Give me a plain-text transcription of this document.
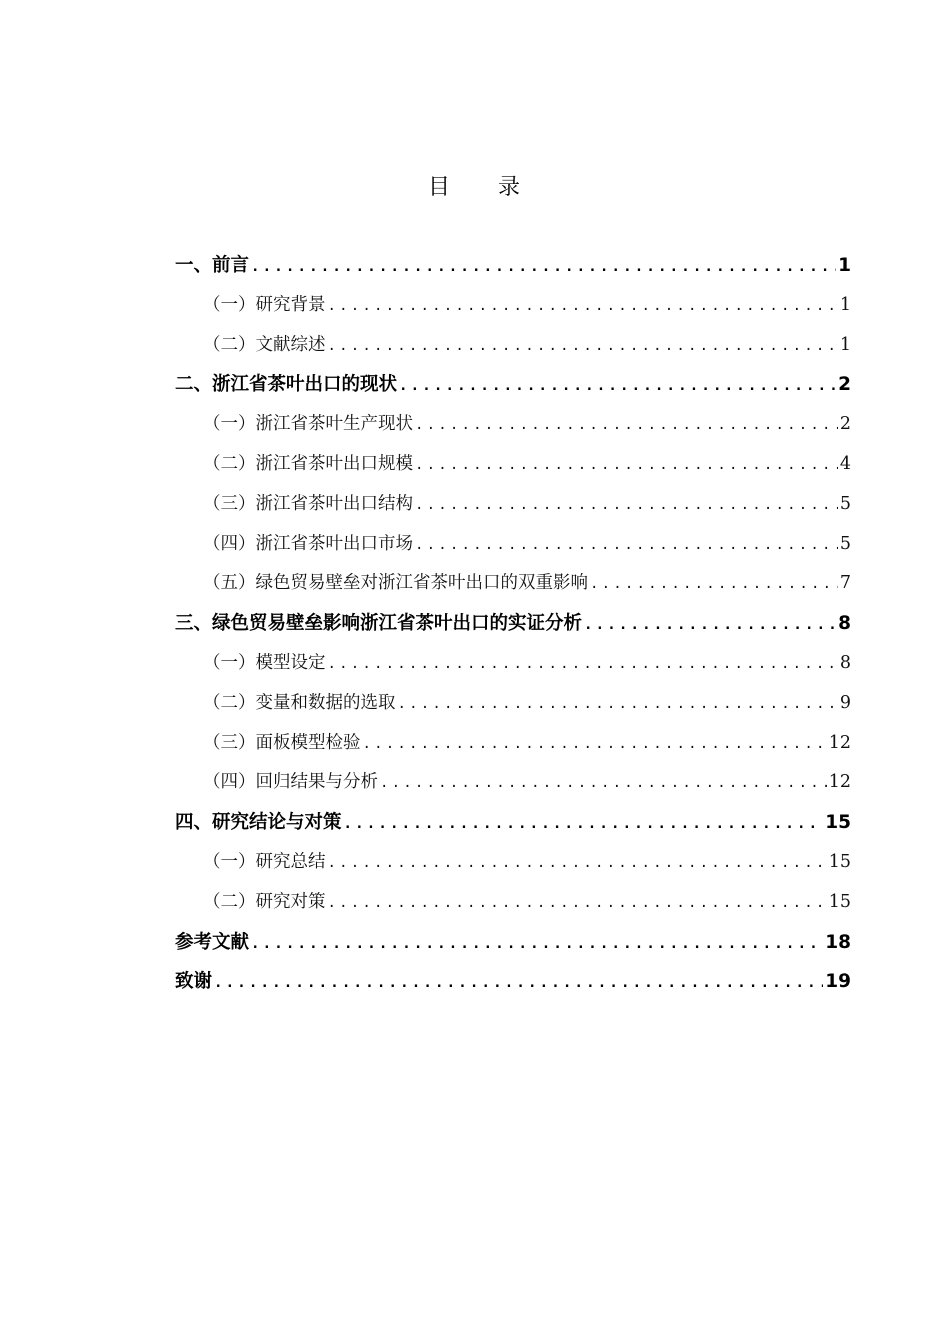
目 录
一、前言 .....	1
（一）研究背景 .....	1
（二）文献综述 .....	1
二、浙江省茶叶出口的现状 .....	2
（一）浙江省茶叶生产现状 .....	2
（二）浙江省茶叶出口规模 .....	4
（三）浙江省茶叶出口结构 .....	5
（四）浙江省茶叶出口市场 .....	5
（五）绿色贸易壁垒对浙江省茶叶出口的双重影响 .....	7
三、绿色贸易壁垒影响浙江省茶叶出口的实证分析 .....	8
（一）模型设定 .....	8
（二）变量和数据的选取 .....	9
（三）面板模型检验 .....	12
（四）回归结果与分析 .....	12
四、研究结论与对策 .....	15
（一）研究总结 .....	15
（二）研究对策 .....	15
参考文献 .....	18
致谢 .....	19
